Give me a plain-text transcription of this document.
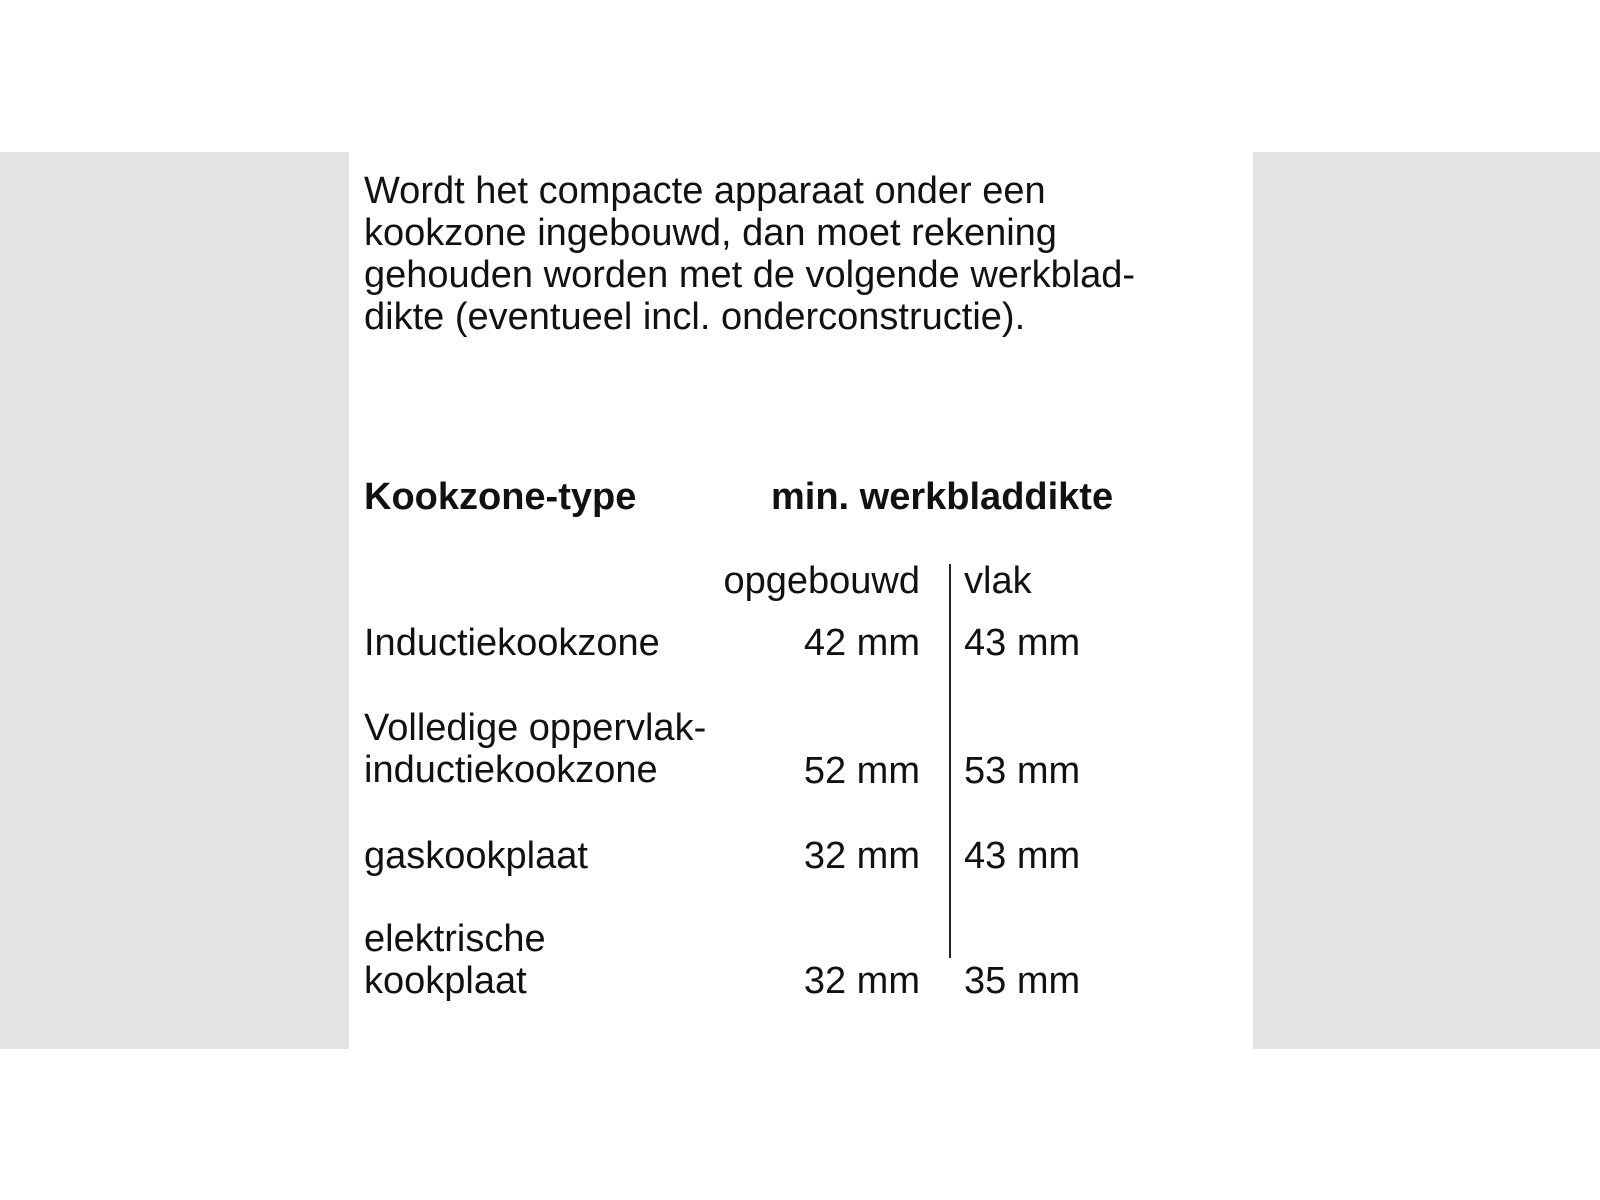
Wordt het compacte apparaat onder een
kookzone ingebouwd, dan moet rekening
gehouden worden met de volgende werkblad-
dikte (eventueel incl. onderconstructie).

Kookzone-type	min. werkbladdikte
opgebouwd vlak
Inductiekookzone	42 mm 43 mm
Volledige oppervlak-
inductiekookzone	52 mm 53 mm
gaskookplaat	32 mm 43 mm
elektrische
kookplaat	32 mm 35 mm
